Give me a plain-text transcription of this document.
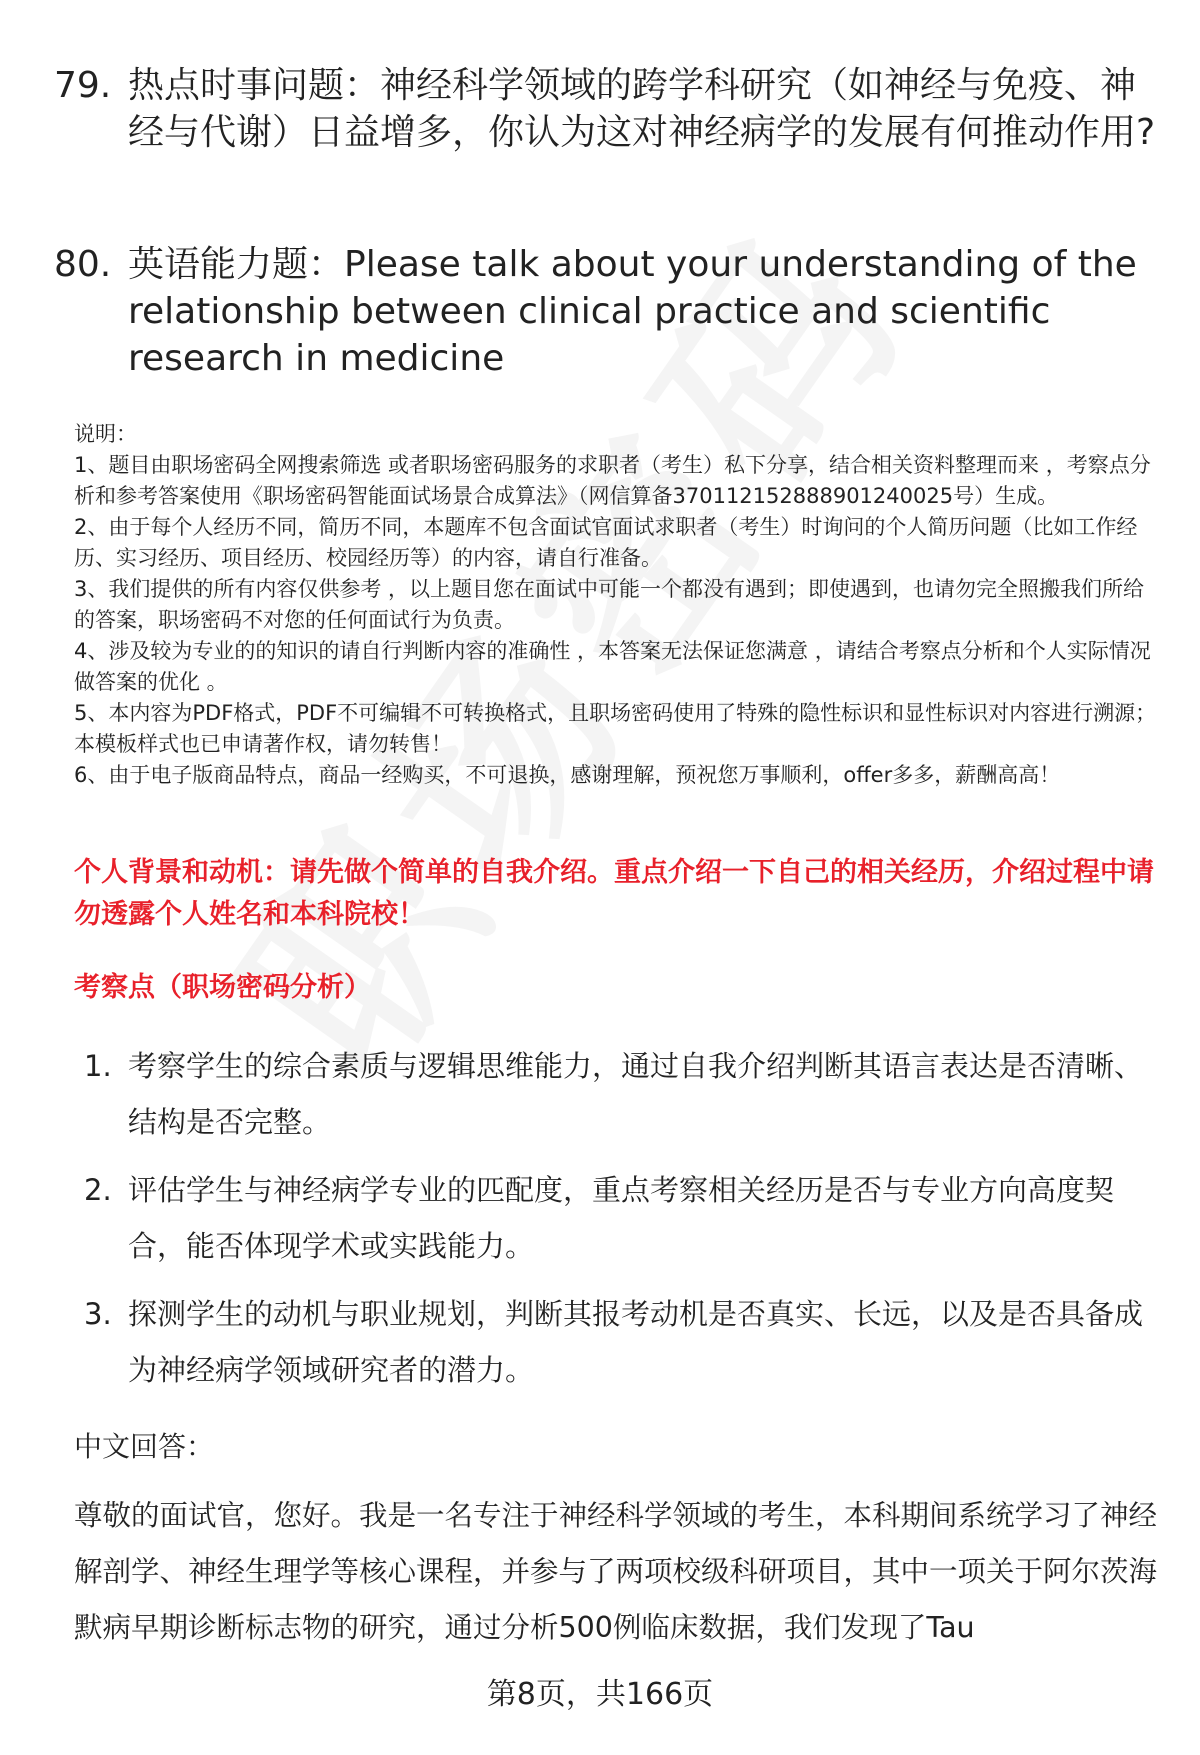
79. 热点时事问题：神经科学领域的跨学科研究（如神经与免疫、神经与代谢）日益增多，你认为这对神经病学的发展有何推动作用?
80. 英语能力题：Please talk about your understanding of the relationship between clinical practice and scientific research in medicine

说明：

1、题目由职场密码全网搜索筛选 或者职场密码服务的求职者（考生）私下分享，结合相关资料整理而来 ，考察点分析和参考答案使用《职场密码智能面试场景合成算法》（网信算备370112152888901240025号）生成。

2、由于每个人经历不同，简历不同，本题库不包含面试官面试求职者（考生）时询问的个人简历问题（比如工作经历、实习经历、项目经历、校园经历等）的内容，请自行准备。

3、我们提供的所有内容仅供参考 ，以上题目您在面试中可能一个都没有遇到；即使遇到，也请勿完全照搬我们所给的答案，职场密码不对您的任何面试行为负责。

4、涉及较为专业的的知识的请自行判断内容的准确性 ，本答案无法保证您满意 ，请结合考察点分析和个人实际情况做答案的优化 。

5、本内容为PDF格式，PDF不可编辑不可转换格式，且职场密码使用了特殊的隐性标识和显性标识对内容进行溯源；本模板样式也已申请著作权，请勿转售！

6、由于电子版商品特点，商品一经购买，不可退换，感谢理解，预祝您万事顺利，offer多多，薪酬高高！

个人背景和动机：请先做个简单的自我介绍。重点介绍一下自己的相关经历，介绍过程中请勿透露个人姓名和本科院校！
考察点（职场密码分析）
1. 考察学生的综合素质与逻辑思维能力，通过自我介绍判断其语言表达是否清晰、结构是否完整。
2. 评估学生与神经病学专业的匹配度，重点考察相关经历是否与专业方向高度契合，能否体现学术或实践能力。
3. 探测学生的动机与职业规划，判断其报考动机是否真实、长远，以及是否具备成为神经病学领域研究者的潜力。
中文回答：
尊敬的面试官，您好。我是一名专注于神经科学领域的考生，本科期间系统学习了神经解剖学、神经生理学等核心课程，并参与了两项校级科研项目，其中一项关于阿尔茨海默病早期诊断标志物的研究，通过分析500例临床数据，我们发现了Tau
第8页，共166页
